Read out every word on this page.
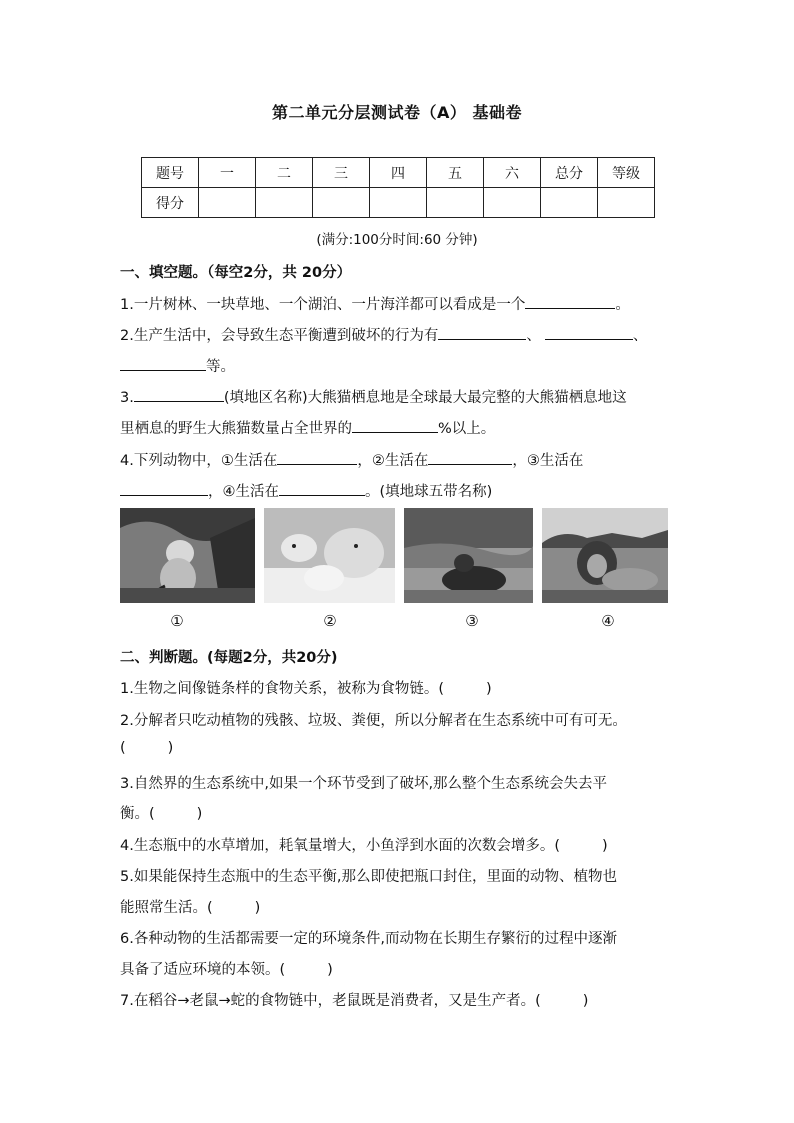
第二单元分层测试卷（A） 基础卷
题号	一	二	三	四	五	六	总分	等级
得分								
(满分:100分时间:60 分钟)
一、填空题。（每空2分，共 20分）
1.一片树林、一块草地、一个湖泊、一片海洋都可以看成是一个	。
2.生产生活中，会导致生态平衡遭到破坏的行为有	、	、
等。
3.	(填地区名称)大熊猫栖息地是全球最大最完整的大熊猫栖息地这
里栖息的野生大熊猫数量占全世界的	%以上。
4.下列动物中，①生活在	，②生活在	，③生活在
，④生活在	。(填地球五带名称)
①	②	③	④
二、判断题。(每题2分，共20分)
1.生物之间像链条样的食物关系，被称为食物链。(	)
2.分解者只吃动植物的残骸、垃圾、粪便，所以分解者在生态系统中可有可无。
(	)
3.自然界的生态系统中,如果一个环节受到了破坏,那么整个生态系统会失去平
衡。(	)
4.生态瓶中的水草增加，耗氧量增大，小鱼浮到水面的次数会增多。(	)
5.如果能保持生态瓶中的生态平衡,那么即使把瓶口封住，里面的动物、植物也
能照常生活。(	)
6.各种动物的生活都需要一定的环境条件,而动物在长期生存繁衍的过程中逐渐
具备了适应环境的本领。(	)
7.在稻谷→老鼠→蛇的食物链中，老鼠既是消费者，又是生产者。(	)
